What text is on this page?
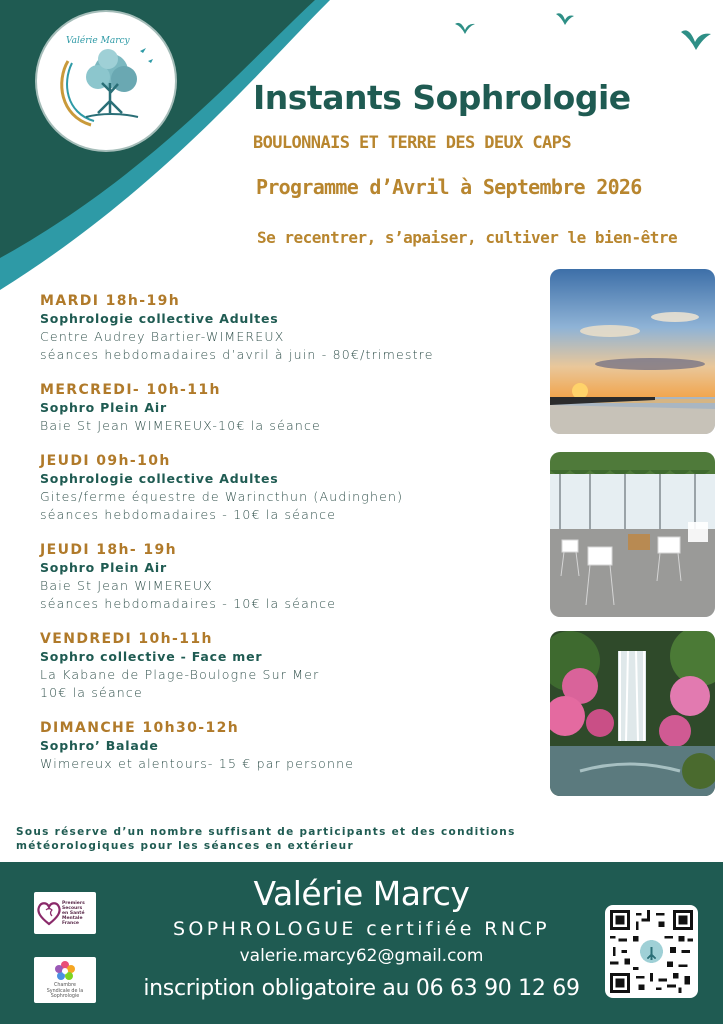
Valérie Marcy
Instants Sophrologie
BOULONNAIS ET TERRE DES DEUX CAPS
Programme d’Avril à Septembre 2026
Se recentrer, s’apaiser, cultiver le bien-être
MARDI 18h-19h
Sophrologie collective Adultes
Centre Audrey Bartier-WIMEREUX
séances hebdomadaires d’avril à juin - 80€/trimestre
MERCREDI- 10h-11h
Sophro Plein Air
Baie St Jean WIMEREUX-10€ la séance
JEUDI 09h-10h
Sophrologie collective Adultes
Gites/ferme équestre de Warincthun (Audinghen)
séances hebdomadaires - 10€ la séance
JEUDI 18h- 19h
Sophro Plein Air
Baie St Jean WIMEREUX
séances hebdomadaires - 10€ la séance
VENDREDI 10h-11h
Sophro collective - Face mer
La Kabane de Plage-Boulogne Sur Mer
10€ la séance
DIMANCHE 10h30-12h
Sophro’ Balade
Wimereux et alentours- 15 € par personne
Sous réserve d’un nombre suffisant de participants et des conditions
météorologiques pour les séances en extérieur
Valérie Marcy
SOPHROLOGUE certifiée RNCP
valerie.marcy62@gmail.com
inscription obligatoire au 06 63 90 12 69
Premiers
Secours
en Santé
Mentale
France
Chambre
Syndicale de la
Sophrologie
